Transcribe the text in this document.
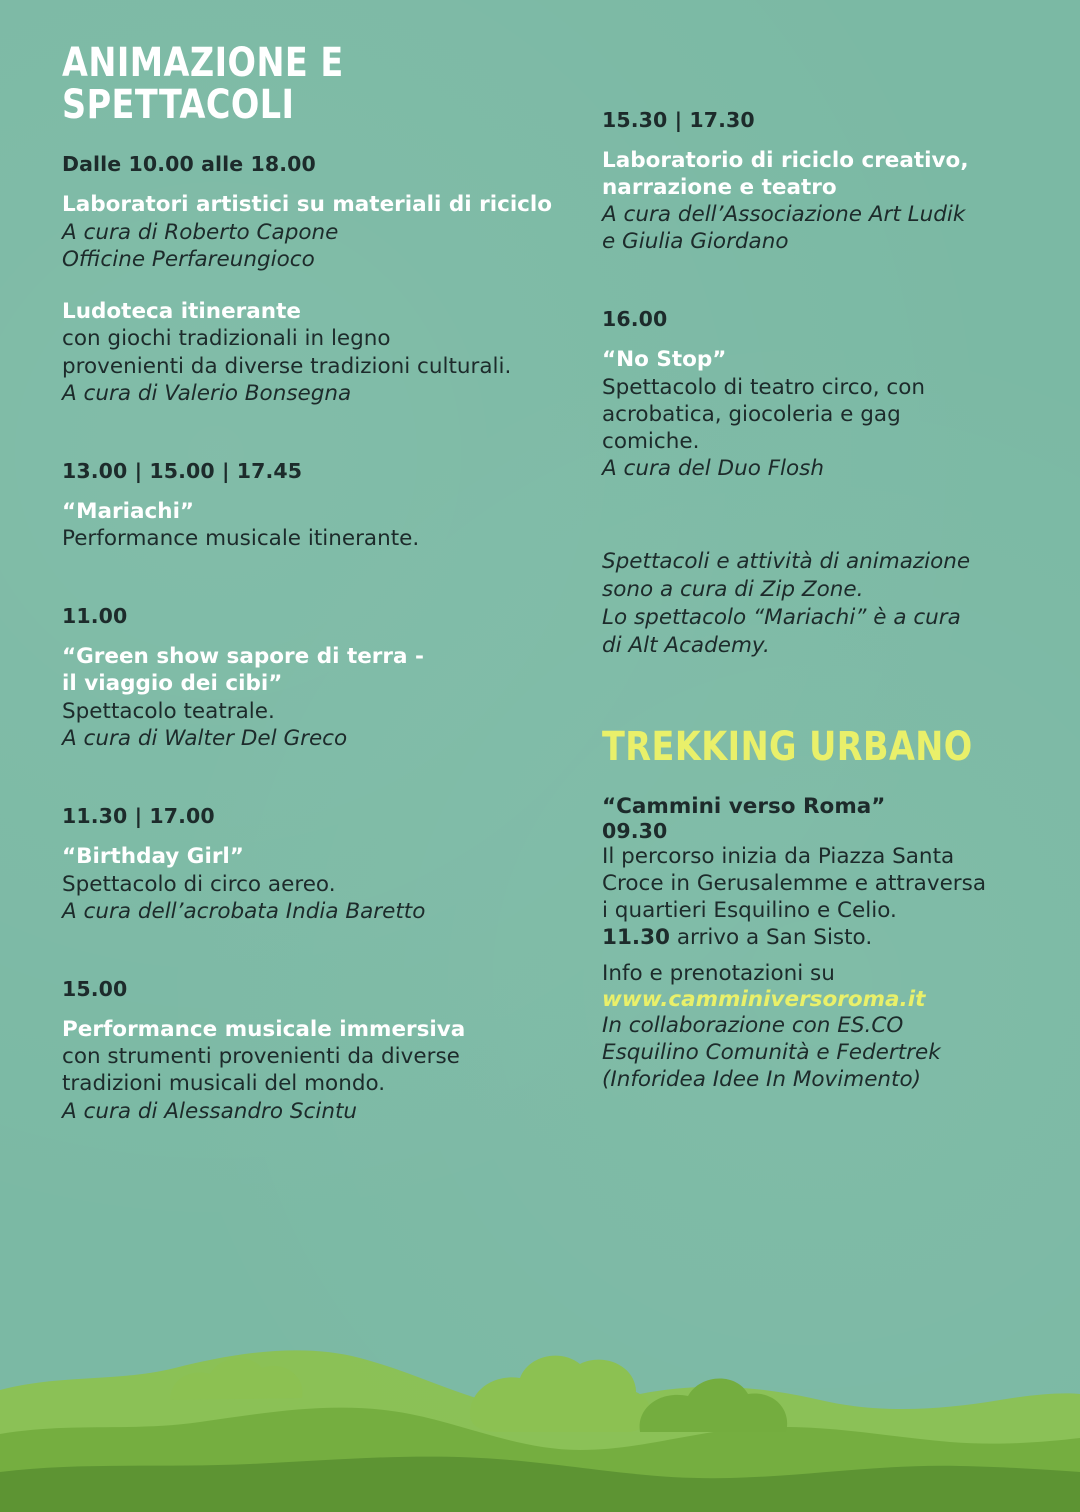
ANIMAZIONE E SPETTACOLI

Dalle 10.00 alle 18.00

Laboratori artistici su materiali di riciclo

A cura di Roberto Capone

Officine Perfareungioco

Ludoteca itinerante

con giochi tradizionali in legno

provenienti da diverse tradizioni culturali.

A cura di Valerio Bonsegna

13.00 | 15.00 | 17.45

“Mariachi”

Performance musicale itinerante.

11.00

“Green show sapore di terra -

il viaggio dei cibi”

Spettacolo teatrale.

A cura di Walter Del Greco

11.30 | 17.00

“Birthday Girl”

Spettacolo di circo aereo.

A cura dell’acrobata India Baretto

15.00

Performance musicale immersiva

con strumenti provenienti da diverse

tradizioni musicali del mondo.

A cura di Alessandro Scintu

15.30 | 17.30

Laboratorio di riciclo creativo,

narrazione e teatro

A cura dell’Associazione Art Ludik

e Giulia Giordano

16.00

“No Stop”

Spettacolo di teatro circo, con

acrobatica, giocoleria e gag

comiche.

A cura del Duo Flosh

Spettacoli e attività di animazione

sono a cura di Zip Zone.

Lo spettacolo “Mariachi” è a cura

di Alt Academy.

TREKKING URBANO

“Cammini verso Roma”

09.30

Il percorso inizia da Piazza Santa

Croce in Gerusalemme e attraversa

i quartieri Esquilino e Celio.

11.30 arrivo a San Sisto.

Info e prenotazioni su

www.camminiversoroma.it

In collaborazione con ES.CO

Esquilino Comunità e Federtrek

(Inforidea Idee In Movimento)
